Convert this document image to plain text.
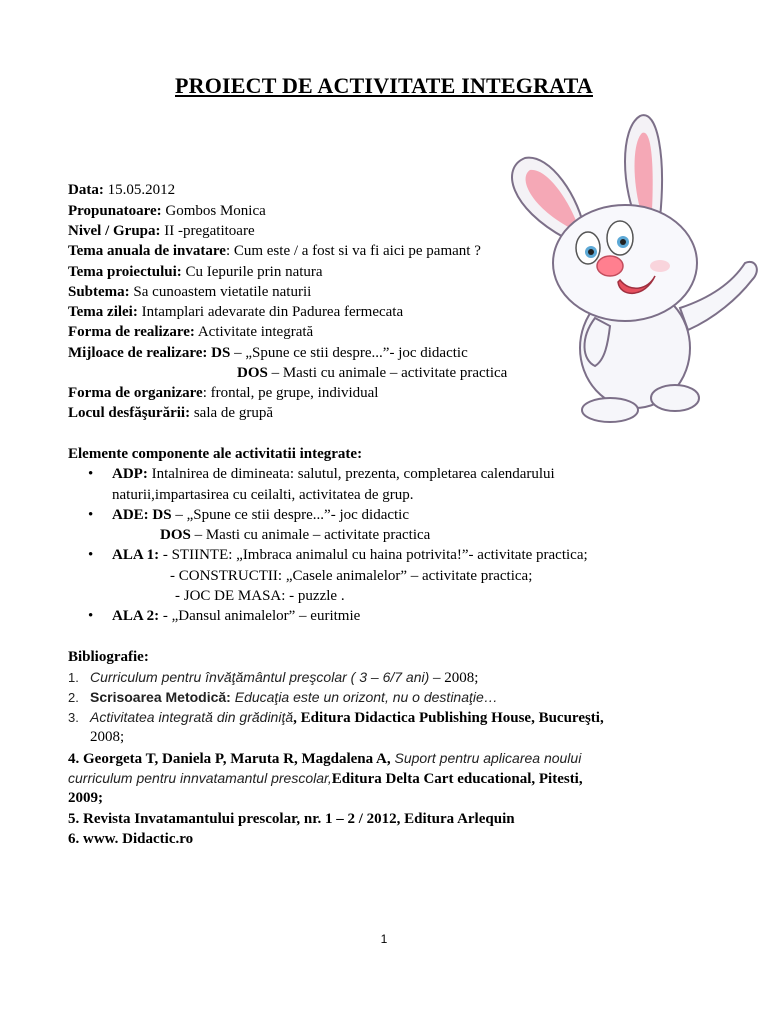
PROIECT DE ACTIVITATE INTEGRATA
Data: 15.05.2012
Propunatoare: Gombos Monica
Nivel / Grupa: II -pregatitoare
Tema anuala de invatare: Cum este / a fost si va fi aici pe pamant ?
Tema proiectului: Cu Iepurile prin natura
Subtema: Sa cunoastem vietatile naturii
Tema zilei: Intamplari adevarate din Padurea fermecata
Forma de realizare: Activitate integrată
Mijloace de realizare: DS – „Spune ce stii despre...”- joc didactic
DOS – Masti cu animale – activitate practica
Forma de organizare: frontal, pe grupe, individual
Locul desfăşurării: sala de grupă
Elemente componente ale activitatii integrate:
• ADP: Intalnirea de dimineata: salutul, prezenta, completarea calendarului
naturii,impartasirea cu ceilalti, activitatea de grup.
• ADE: DS – „Spune ce stii despre...”- joc didactic
DOS – Masti cu animale – activitate practica
• ALA 1: - STIINTE: „Imbraca animalul cu haina potrivita!”- activitate practica;
- CONSTRUCTII: „Casele animalelor” – activitate practica;
- JOC DE MASA: - puzzle .
• ALA 2: - „Dansul animalelor” – euritmie
Bibliografie:
1. Curriculum pentru învăţământul preşcolar ( 3 – 6/7 ani) – 2008;
2. Scrisoarea Metodică: Educaţia este un orizont, nu o destinaţie…
3. Activitatea integrată din grădiniţă, Editura Didactica Publishing House, Bucureşti,
2008;
4. Georgeta T, Daniela P, Maruta R, Magdalena A, Suport pentru aplicarea noului
curriculum pentru innvatamantul prescolar,Editura Delta Cart educational, Pitesti,
2009;
5. Revista Invatamantului prescolar, nr. 1 – 2 / 2012, Editura Arlequin
6. www. Didactic.ro
1
